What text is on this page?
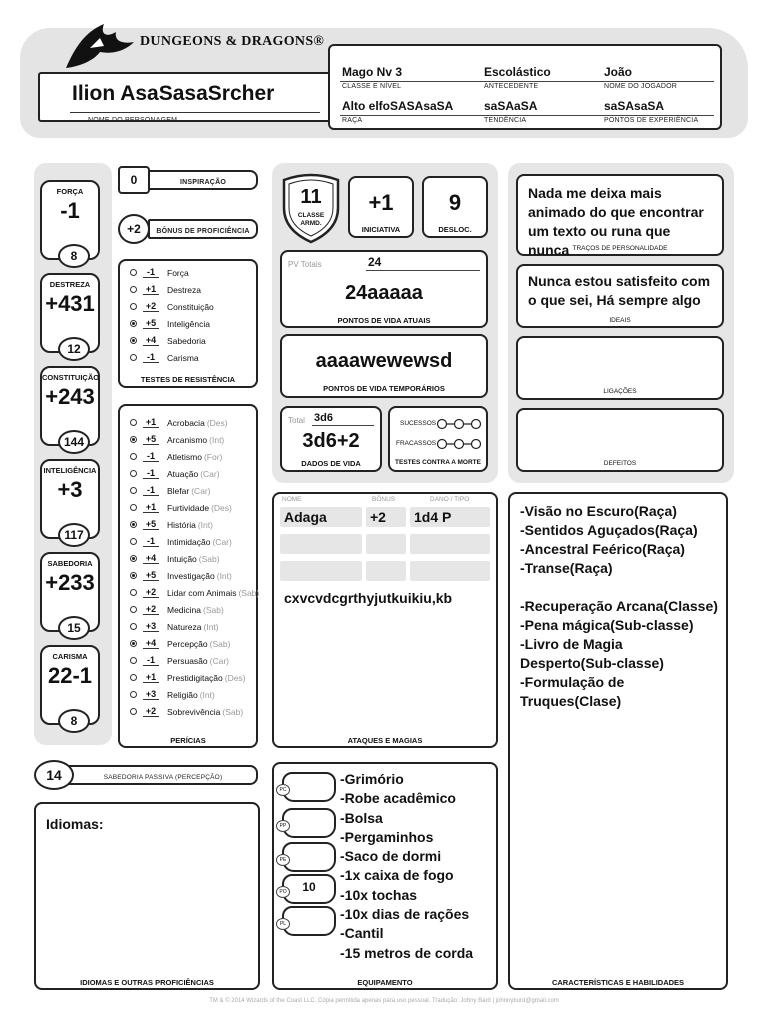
DUNGEONS & DRAGONS®
Ilion AsaSasaSrcher
NOME DO PERSONAGEM
Mago Nv 3	Escolástico	João
CLASSE E NÍVEL	ANTECEDENTE	NOME DO JOGADOR
Alto elfoSASAsaSA	saSAaSA	saSAsaSA
RAÇA	TENDÊNCIA	PONTOS DE EXPERIÊNCIA
FORÇA
-1
8
DESTREZA
+431
12
CONSTITUIÇÃO
+243
144
INTELIGÊNCIA
+3
117
SABEDORIA
+233
15
CARISMA
22-1
8
0	INSPIRAÇÃO
+2	BÔNUS DE PROFICIÊNCIA
-1	Força
+1	Destreza
+2	Constituição
+5	Inteligência
+4	Sabedoria
-1	Carisma
TESTES DE RESISTÊNCIA
+1	Acrobacia (Des)
+5	Arcanismo (Int)
-1	Atletismo (For)
-1	Atuação (Car)
-1	Blefar (Car)
+1	Furtividade (Des)
+5	História (Int)
-1	Intimidação (Car)
+4	Intuição (Sab)
+5	Investigação (Int)
+2	Lidar com Animais (Sab)
+2	Medicina (Sab)
+3	Natureza (Int)
+4	Percepção (Sab)
-1	Persuasão (Car)
+1	Prestidigitação (Des)
+3	Religião (Int)
+2	Sobrevivência (Sab)
PERÍCIAS
11
CLASSE ARMD.
+1
INICIATIVA
9
DESLOC.
PV Totais	24
24aaaaa
PONTOS DE VIDA ATUAIS
aaaawewewsd
PONTOS DE VIDA TEMPORÁRIOS
Total 3d6
3d6+2
DADOS DE VIDA
SUCESSOS
FRACASSOS
TESTES CONTRA A MORTE
Nada me deixa mais animado do que encontrar um texto ou runa que nunca TRAÇOS DE PERSONALIDADE
Nunca estou satisfeito com o que sei, Há sempre algo
IDEAIS
LIGAÇÕES
DEFEITOS
NOME	BÔNUS	DANO / TIPO
Adaga	+2 1d4 P
cxvcvdcgrthyjutkuikiu,kb
ATAQUES E MAGIAS
-Visão no Escuro(Raça)
-Sentidos Aguçados(Raça)
-Ancestral Feérico(Raça)
-Transe(Raça)
-Recuperação Arcana(Classe)
-Pena mágica(Sub-classe)
-Livro de Magia Desperto(Sub-classe)
-Formulação de Truques(Clase)
CARACTERÍSTICAS E HABILIDADES
SABEDORIA PASSIVA (PERCEPÇÃO)
14
Idiomas:
IDIOMAS E OUTRAS PROFICIÊNCIAS
PC
PP
PE
10
PO
PL
-Grimório
-Robe acadêmico
-Bolsa
-Pergaminhos
-Saco de dormi
-1x caixa de fogo
-10x tochas
-10x dias de rações
-Cantil
-15 metros de corda
EQUIPAMENTO
TM & © 2014 Wizards of the Coast LLC. Cópia permitida apenas para uso pessoal. Tradução: Johny Bárd | johnnyburd@gmail.com
